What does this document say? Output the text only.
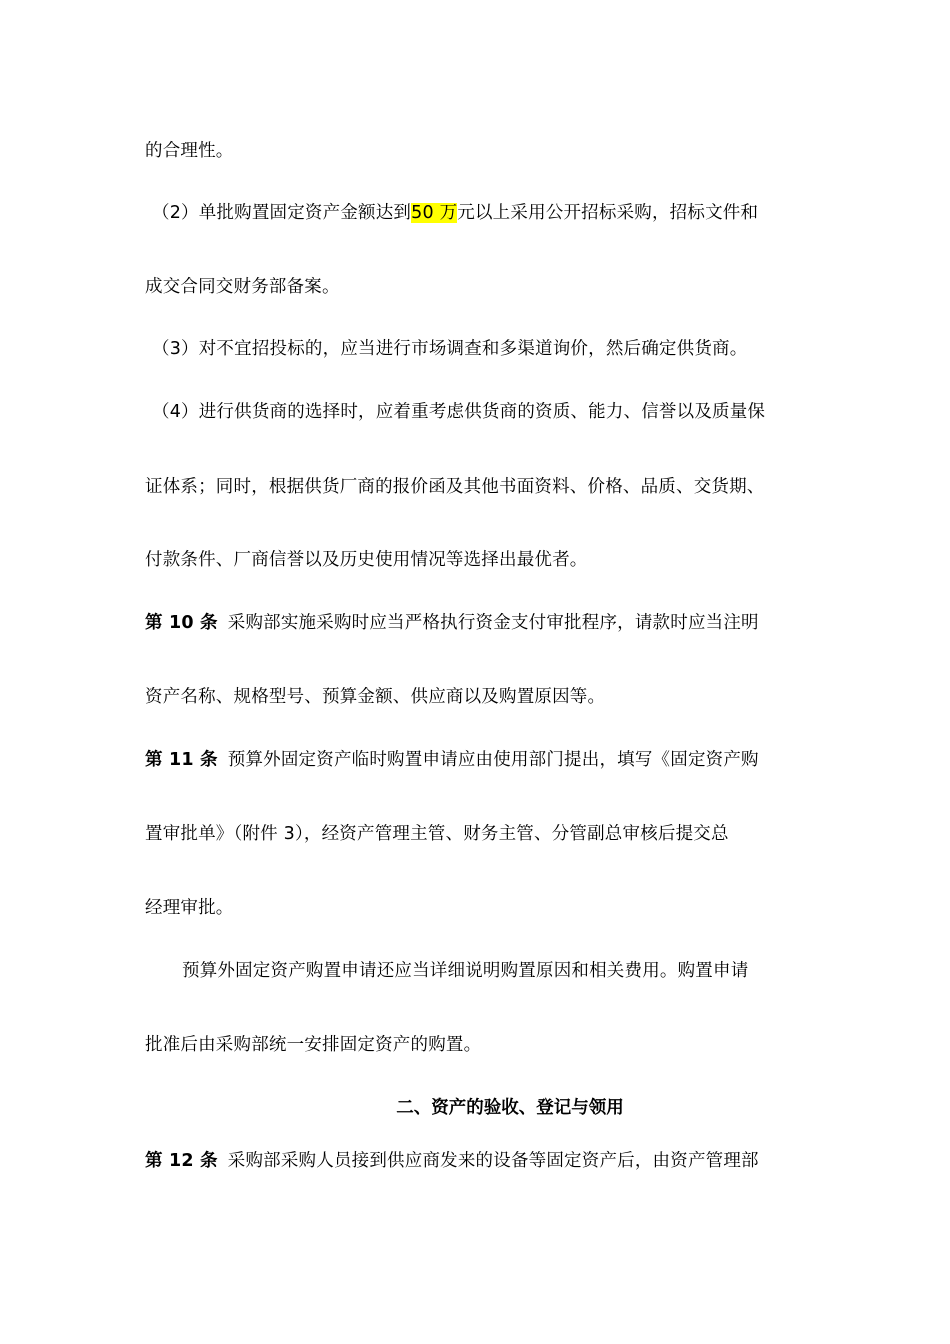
的合理性。
（2）单批购置固定资产金额达到50 万元以上采用公开招标采购，招标文件和
成交合同交财务部备案。
（3）对不宜招投标的，应当进行市场调查和多渠道询价，然后确定供货商。
（4）进行供货商的选择时，应着重考虑供货商的资质、能力、信誉以及质量保
证体系；同时，根据供货厂商的报价函及其他书面资料、价格、品质、交货期、
付款条件、厂商信誉以及历史使用情况等选择出最优者。
第 10 条 采购部实施采购时应当严格执行资金支付审批程序，请款时应当注明
资产名称、规格型号、预算金额、供应商以及购置原因等。
第 11 条 预算外固定资产临时购置申请应由使用部门提出，填写《固定资产购
置审批单》（附件 3），经资产管理主管、财务主管、分管副总审核后提交总
经理审批。
预算外固定资产购置申请还应当详细说明购置原因和相关费用。购置申请
批准后由采购部统一安排固定资产的购置。
二、资产的验收、登记与领用
第 12 条 采购部采购人员接到供应商发来的设备等固定资产后，由资产管理部
